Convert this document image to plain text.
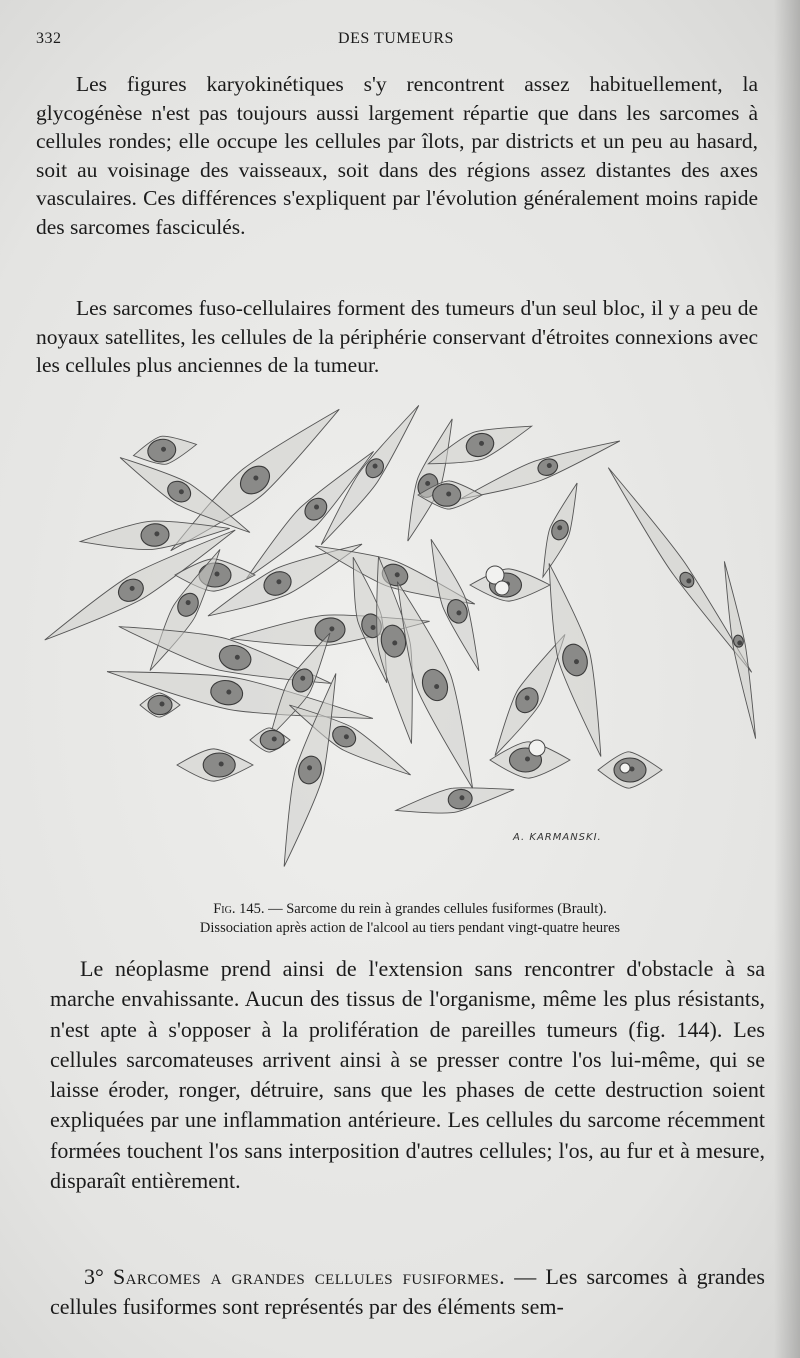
332	DES TUMEURS

Les figures karyokinétiques s'y rencontrent assez habituellement, la glycogénèse n'est pas toujours aussi largement répartie que dans les sarcomes à cellules rondes; elle occupe les cellules par îlots, par districts et un peu au hasard, soit au voisinage des vaisseaux, soit dans des régions assez distantes des axes vasculaires. Ces différences s'expliquent par l'évolution généralement moins rapide des sarcomes fasciculés.

Les sarcomes fuso-cellulaires forment des tumeurs d'un seul bloc, il y a peu de noyaux satellites, les cellules de la périphérie conservant d'étroites connexions avec les cellules plus anciennes de la tumeur.

A. KARMANSKI.
Fig. 145. — Sarcome du rein à grandes cellules fusiformes (Brault).
Dissociation après action de l'alcool au tiers pendant vingt-quatre heures

Le néoplasme prend ainsi de l'extension sans rencontrer d'obstacle à sa marche envahissante. Aucun des tissus de l'organisme, même les plus résistants, n'est apte à s'opposer à la prolifération de pareilles tumeurs (fig. 144). Les cellules sarcomateuses arrivent ainsi à se presser contre l'os lui-même, qui se laisse éroder, ronger, détruire, sans que les phases de cette destruction soient expliquées par une inflammation antérieure. Les cellules du sarcome récemment formées touchent l'os sans interposition d'autres cellules; l'os, au fur et à mesure, disparaît entièrement.

3° Sarcomes a grandes cellules fusiformes. — Les sarcomes à grandes cellules fusiformes sont représentés par des éléments sem-
